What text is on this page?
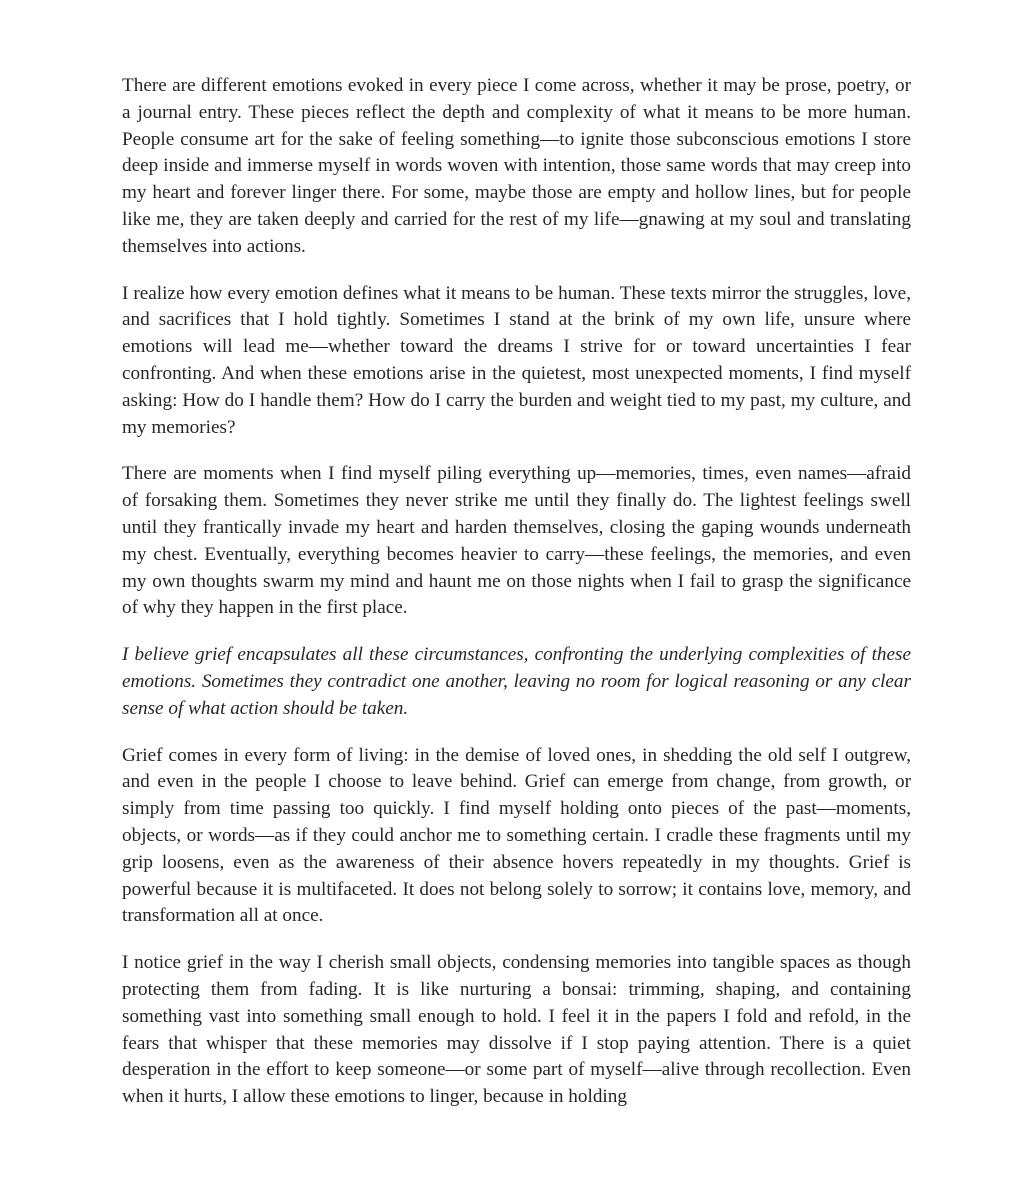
There are different emotions evoked in every piece I come across, whether it may be prose, poetry, or a journal entry. These pieces reflect the depth and complexity of what it means to be more human. People consume art for the sake of feeling something—to ignite those subconscious emotions I store deep inside and immerse myself in words woven with intention, those same words that may creep into my heart and forever linger there. For some, maybe those are empty and hollow lines, but for people like me, they are taken deeply and carried for the rest of my life—gnawing at my soul and translating themselves into actions.

I realize how every emotion defines what it means to be human. These texts mirror the struggles, love, and sacrifices that I hold tightly. Sometimes I stand at the brink of my own life, unsure where emotions will lead me—whether toward the dreams I strive for or toward uncertainties I fear confronting. And when these emotions arise in the quietest, most unexpected moments, I find myself asking: How do I handle them? How do I carry the burden and weight tied to my past, my culture, and my memories?

There are moments when I find myself piling everything up—memories, times, even names—afraid of forsaking them. Sometimes they never strike me until they finally do. The lightest feelings swell until they frantically invade my heart and harden themselves, closing the gaping wounds underneath my chest. Eventually, everything becomes heavier to carry—these feelings, the memories, and even my own thoughts swarm my mind and haunt me on those nights when I fail to grasp the significance of why they happen in the first place.

I believe grief encapsulates all these circumstances, confronting the underlying complexities of these emotions. Sometimes they contradict one another, leaving no room for logical reasoning or any clear sense of what action should be taken.

Grief comes in every form of living: in the demise of loved ones, in shedding the old self I outgrew, and even in the people I choose to leave behind. Grief can emerge from change, from growth, or simply from time passing too quickly. I find myself holding onto pieces of the past—moments, objects, or words—as if they could anchor me to something certain. I cradle these fragments until my grip loosens, even as the awareness of their absence hovers repeatedly in my thoughts. Grief is powerful because it is multifaceted. It does not belong solely to sorrow; it contains love, memory, and transformation all at once.

I notice grief in the way I cherish small objects, condensing memories into tangible spaces as though protecting them from fading. It is like nurturing a bonsai: trimming, shaping, and containing something vast into something small enough to hold. I feel it in the papers I fold and refold, in the fears that whisper that these memories may dissolve if I stop paying attention. There is a quiet desperation in the effort to keep someone—or some part of myself—alive through recollection. Even when it hurts, I allow these emotions to linger, because in holding
